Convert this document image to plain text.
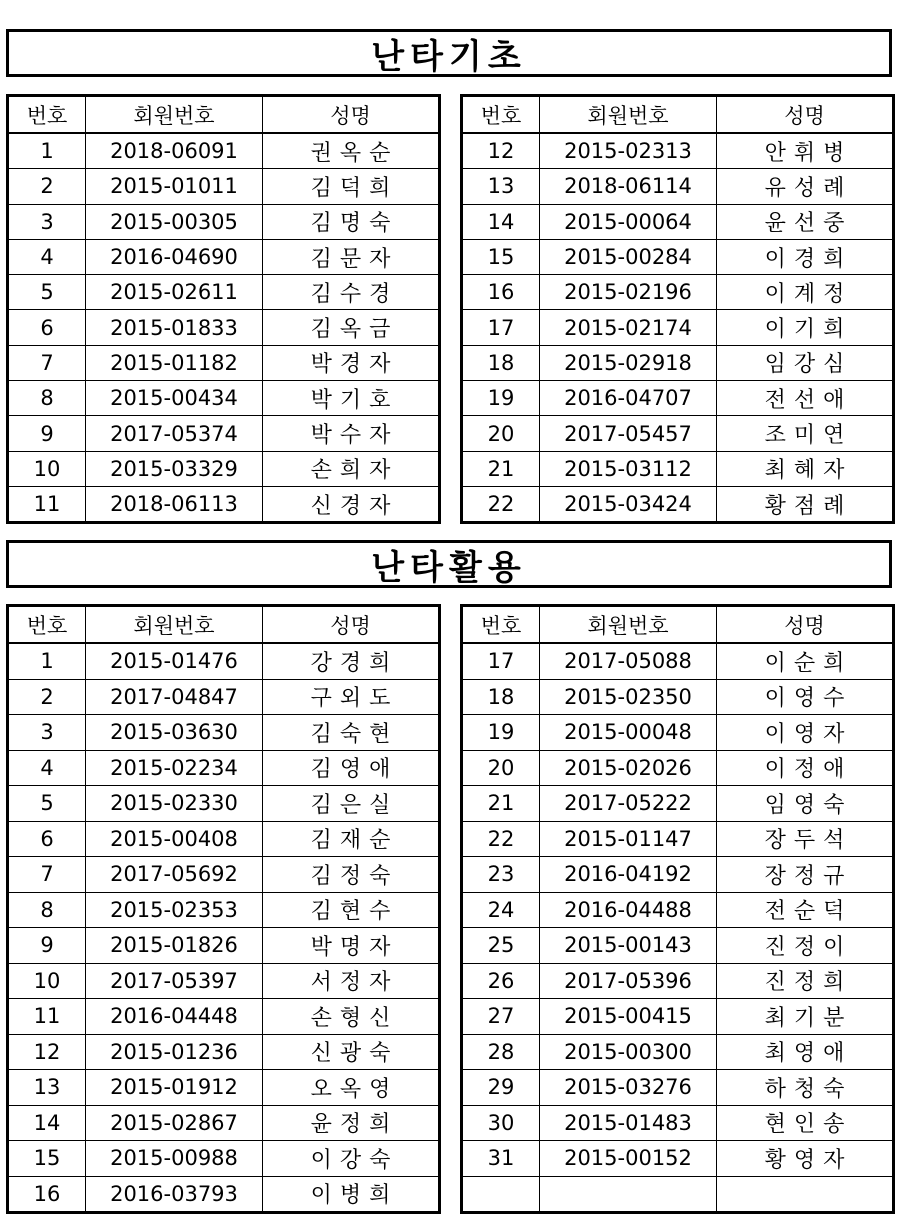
난타기초
번호	회원번호	성명
1	2018-06091	권옥순
2	2015-01011	김덕희
3	2015-00305	김명숙
4	2016-04690	김문자
5	2015-02611	김수경
6	2015-01833	김옥금
7	2015-01182	박경자
8	2015-00434	박기호
9	2017-05374	박수자
10	2015-03329	손희자
11	2018-06113	신경자
번호	회원번호	성명
12	2015-02313	안휘병
13	2018-06114	유성례
14	2015-00064	윤선중
15	2015-00284	이경희
16	2015-02196	이계정
17	2015-02174	이기희
18	2015-02918	임강심
19	2016-04707	전선애
20	2017-05457	조미연
21	2015-03112	최혜자
22	2015-03424	황점례
난타활용
번호	회원번호	성명
1	2015-01476	강경희
2	2017-04847	구외도
3	2015-03630	김숙현
4	2015-02234	김영애
5	2015-02330	김은실
6	2015-00408	김재순
7	2017-05692	김정숙
8	2015-02353	김현수
9	2015-01826	박명자
10	2017-05397	서정자
11	2016-04448	손형신
12	2015-01236	신광숙
13	2015-01912	오옥영
14	2015-02867	윤정희
15	2015-00988	이강숙
16	2016-03793	이병희
번호	회원번호	성명
17	2017-05088	이순희
18	2015-02350	이영수
19	2015-00048	이영자
20	2015-02026	이정애
21	2017-05222	임영숙
22	2015-01147	장두석
23	2016-04192	장정규
24	2016-04488	전순덕
25	2015-00143	진정이
26	2017-05396	진정희
27	2015-00415	최기분
28	2015-00300	최영애
29	2015-03276	하청숙
30	2015-01483	현인송
31	2015-00152	황영자
